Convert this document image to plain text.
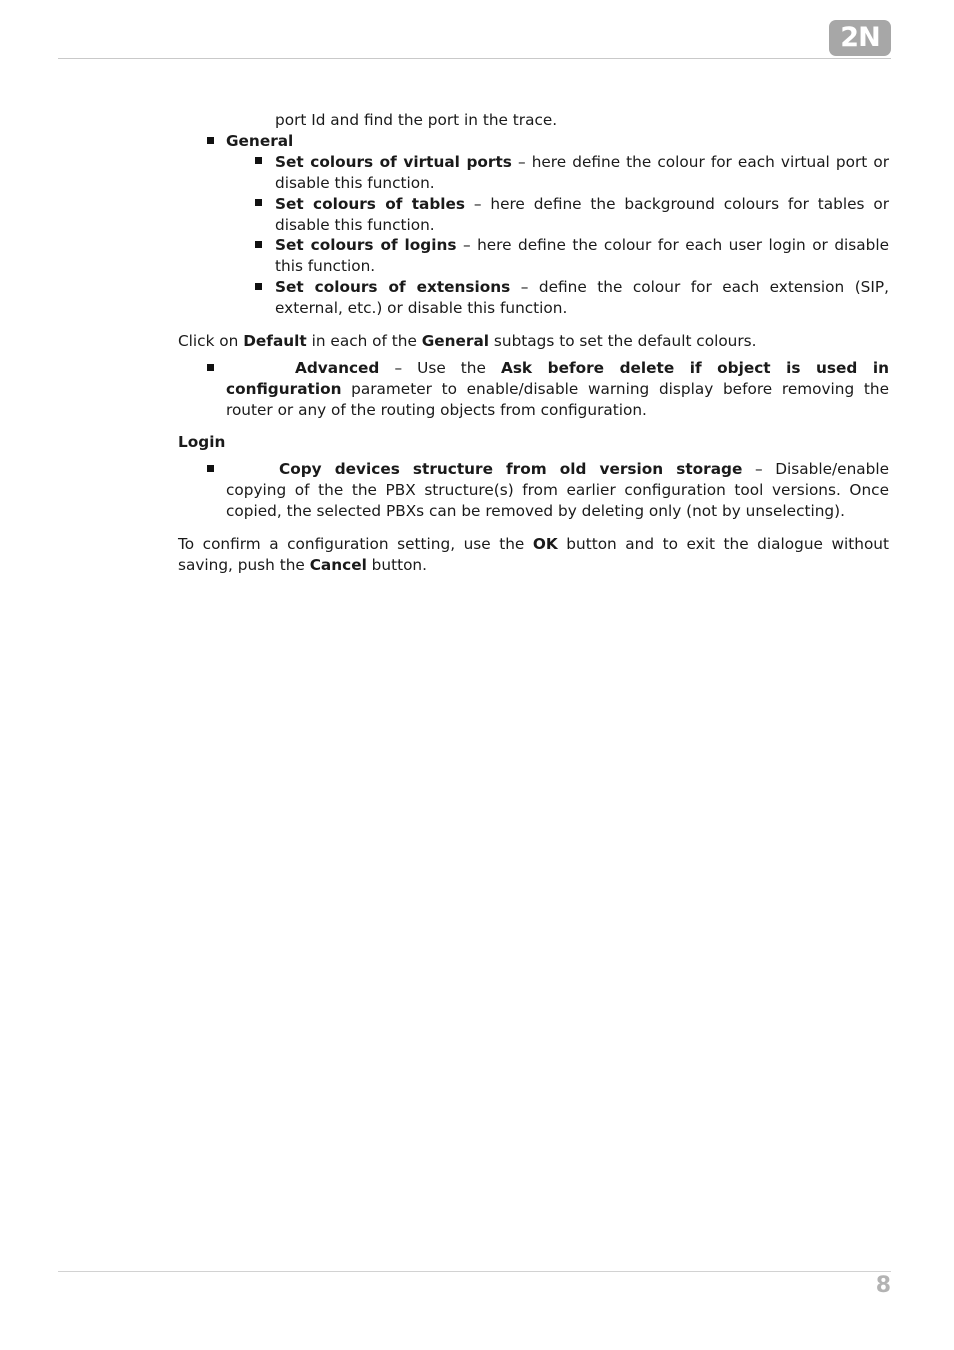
2N

port Id and find the port in the trace.

General

Set colours of virtual ports – here define the colour for each virtual port or disable this function.

Set colours of tables – here define the background colours for tables or disable this function.

Set colours of logins – here define the colour for each user login or disable this function.

Set colours of extensions – define the colour for each extension (SIP, external, etc.) or disable this function.

Click on Default in each of the General subtags to set the default colours.

Advanced – Use the Ask before delete if object is used in configuration parameter to enable/disable warning display before removing the router or any of the routing objects from configuration.

Login

Copy devices structure from old version storage – Disable/enable copying of the the PBX structure(s) from earlier configuration tool versions. Once copied, the selected PBXs can be removed by deleting only (not by unselecting).

To confirm a configuration setting, use the OK button and to exit the dialogue without saving, push the Cancel button.

8
